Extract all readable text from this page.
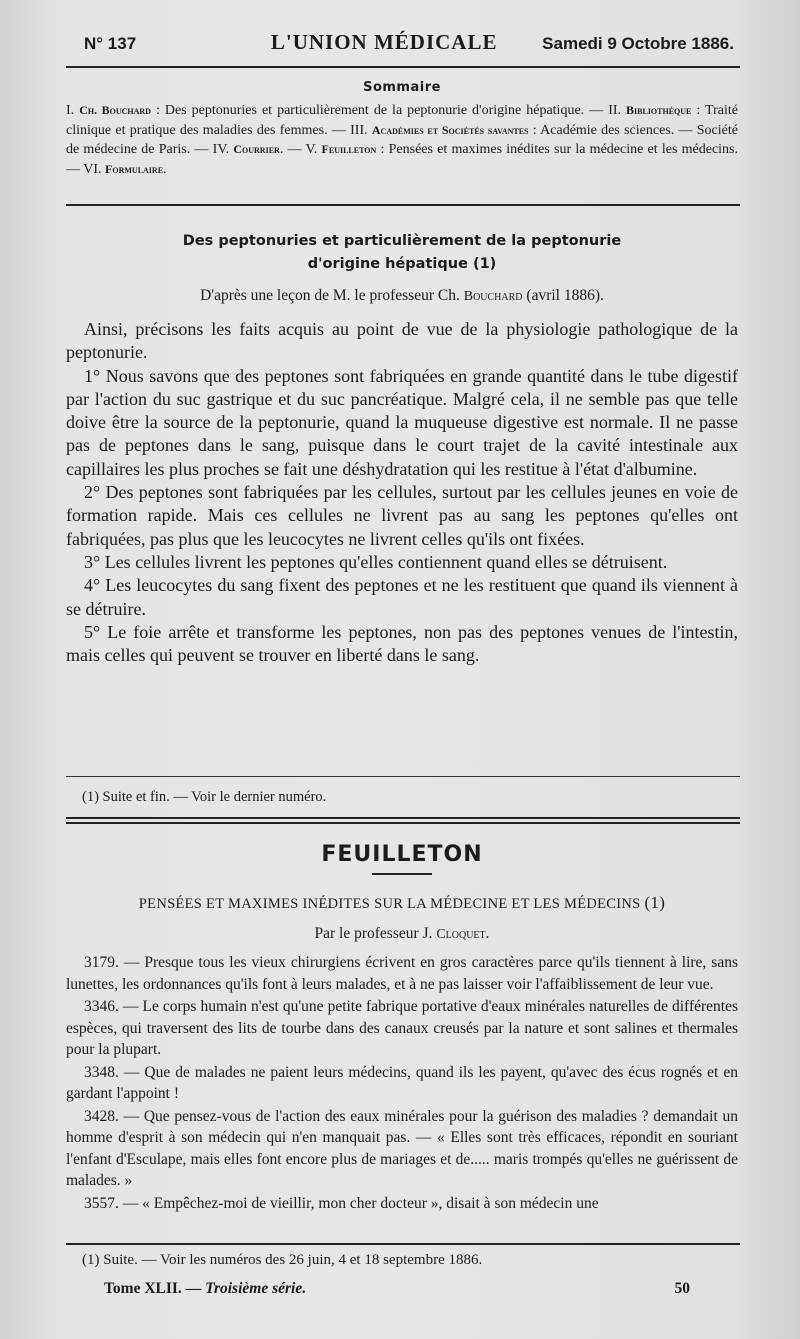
N° 137	L'UNION MÉDICALE	Samedi 9 Octobre 1886.
Sommaire
I. Ch. Bouchard : Des peptonuries et particulièrement de la peptonurie d'origine hépatique. — II. Bibliothèque : Traité clinique et pratique des maladies des femmes. — III. Académies et Sociétés savantes : Académie des sciences. — Société de médecine de Paris. — IV. Courrier. — V. Feuilleton : Pensées et maximes inédites sur la médecine et les médecins. — VI. Formulaire.
Des peptonuries et particulièrement de la peptonurie
d'origine hépatique (1)
D'après une leçon de M. le professeur Ch. Bouchard (avril 1886).

Ainsi, précisons les faits acquis au point de vue de la physiologie pathologique de la peptonurie.

1° Nous savons que des peptones sont fabriquées en grande quantité dans le tube digestif par l'action du suc gastrique et du suc pancréatique. Malgré cela, il ne semble pas que telle doive être la source de la peptonurie, quand la muqueuse digestive est normale. Il ne passe pas de peptones dans le sang, puisque dans le court trajet de la cavité intestinale aux capillaires les plus proches se fait une déshydratation qui les restitue à l'état d'albumine.

2° Des peptones sont fabriquées par les cellules, surtout par les cellules jeunes en voie de formation rapide. Mais ces cellules ne livrent pas au sang les peptones qu'elles ont fabriquées, pas plus que les leucocytes ne livrent celles qu'ils ont fixées.

3° Les cellules livrent les peptones qu'elles contiennent quand elles se détruisent.

4° Les leucocytes du sang fixent des peptones et ne les restituent que quand ils viennent à se détruire.

5° Le foie arrête et transforme les peptones, non pas des peptones venues de l'intestin, mais celles qui peuvent se trouver en liberté dans le sang.

(1) Suite et fin. — Voir le dernier numéro.
FEUILLETON
PENSÉES ET MAXIMES INÉDITES SUR LA MÉDECINE ET LES MÉDECINS (1)
Par le professeur J. Cloquet.

3179. — Presque tous les vieux chirurgiens écrivent en gros caractères parce qu'ils tiennent à lire, sans lunettes, les ordonnances qu'ils font à leurs malades, et à ne pas laisser voir l'affaiblissement de leur vue.

3346. — Le corps humain n'est qu'une petite fabrique portative d'eaux minérales naturelles de différentes espèces, qui traversent des lits de tourbe dans des canaux creusés par la nature et sont salines et thermales pour la plupart.

3348. — Que de malades ne paient leurs médecins, quand ils les payent, qu'avec des écus rognés et en gardant l'appoint !

3428. — Que pensez-vous de l'action des eaux minérales pour la guérison des maladies ? demandait un homme d'esprit à son médecin qui n'en manquait pas. — « Elles sont très efficaces, répondit en souriant l'enfant d'Esculape, mais elles font encore plus de mariages et de..... maris trompés qu'elles ne guérissent de malades. »

3557. — « Empêchez-moi de vieillir, mon cher docteur », disait à son médecin une

(1) Suite. — Voir les numéros des 26 juin, 4 et 18 septembre 1886.
Tome XLII. — Troisième série.	50
